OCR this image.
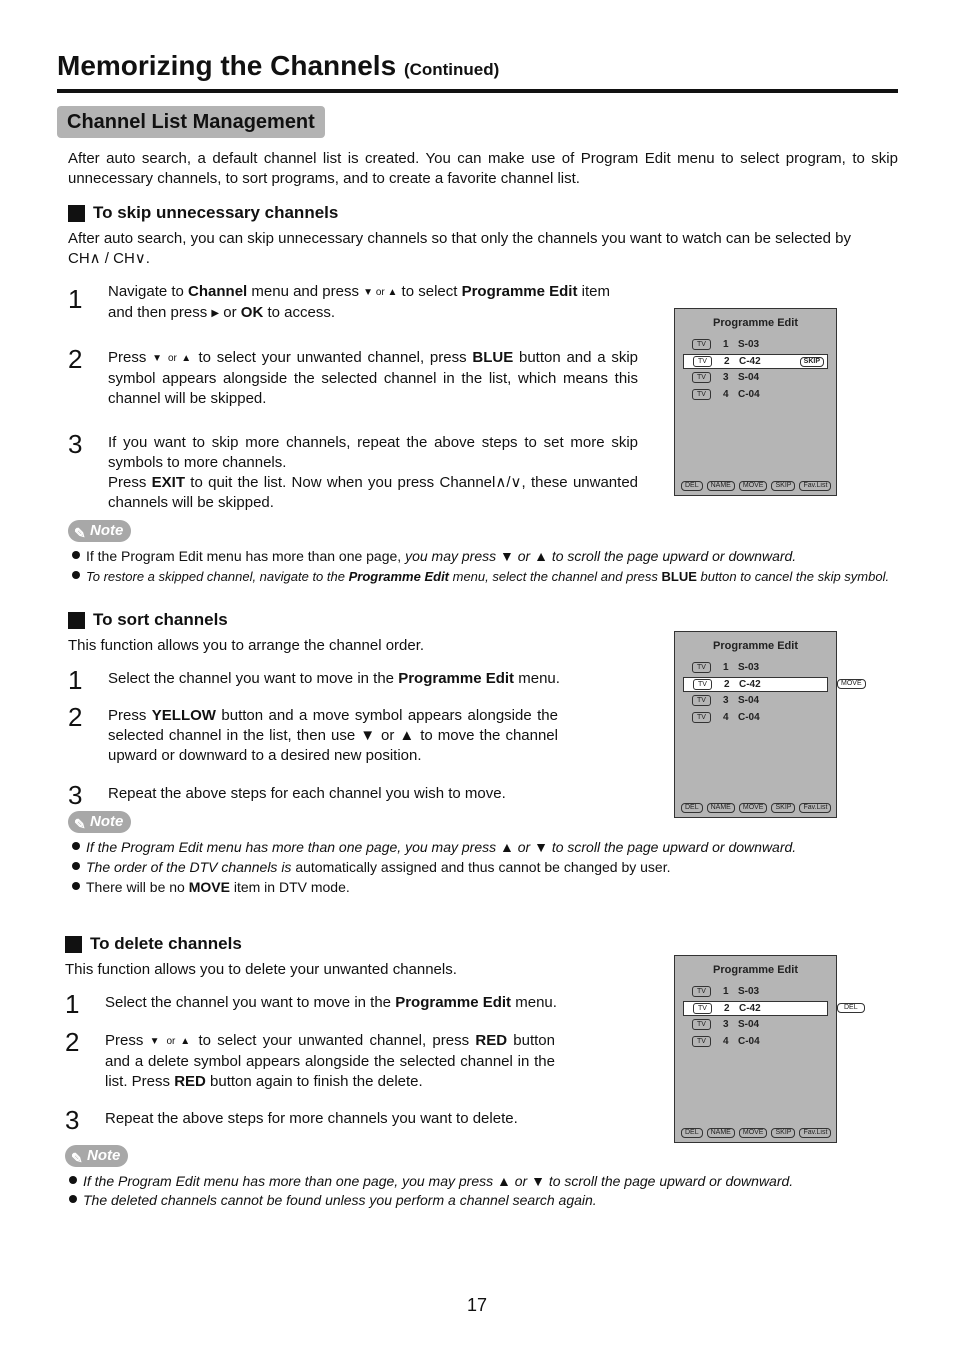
Memorizing the Channels (Continued)
Channel List Management
After auto search, a default channel list is created. You can make use of Program Edit menu to select program, to skip unnecessary channels, to sort programs, and to create a favorite channel list.
To skip unnecessary channels
After auto search, you can skip unnecessary channels so that only the channels you want to watch can be selected by
CH∧ / CH∨.
1 Navigate to Channel menu and press ▼ or ▲ to select Programme Edit item
and then press ▶ or OK to access.
2 Press ▼ or ▲ to select your unwanted channel, press BLUE button and a skip symbol appears alongside the selected channel in the list, which means this channel will be skipped.
3 If you want to skip more channels, repeat the above steps to set more skip symbols to more channels.
Press EXIT to quit the list. Now when you press Channel∧/∨, these unwanted channels will be skipped.
Programme Edit
TV	1 S-03
TV	2 C-42	SKIP
TV	3 S-04
TV	4 C-04
DEL	NAME	MOVE	SKIP	Fav.List
✎ Note
If the Program Edit menu has more than one page, you may press ▼ or ▲ to scroll the page upward or downward.
To restore a skipped channel, navigate to the Programme Edit menu, select the channel and press BLUE button to cancel the skip symbol.
To sort channels
This function allows you to arrange the channel order.
1 Select the channel you want to move in the Programme Edit menu.
2 Press YELLOW button and a move symbol appears alongside the selected channel in the list, then use ▼ or ▲ to move the channel upward or downward to a desired new position.
3 Repeat the above steps for each channel you wish to move.
Programme Edit
TV	1 S-03
TV	2 C-42
TV	3 S-04
TV	4 C-04
DEL	NAME	MOVE	SKIP	Fav.List
MOVE
✎ Note
If the Program Edit menu has more than one page, you may press ▲ or ▼ to scroll the page upward or downward.
The order of the DTV channels is automatically assigned and thus cannot be changed by user.
There will be no MOVE item in DTV mode.
To delete channels
This function allows you to delete your unwanted channels.
1 Select the channel you want to move in the Programme Edit menu.
2 Press ▼ or ▲ to select your unwanted channel, press RED button and a delete symbol appears alongside the selected channel in the list. Press RED button again to finish the delete.
3 Repeat the above steps for more channels you want to delete.
Programme Edit
TV	1 S-03
TV	2 C-42
TV	3 S-04
TV	4 C-04
DEL	NAME	MOVE	SKIP	Fav.List
DEL
✎ Note
If the Program Edit menu has more than one page, you may press ▲ or ▼ to scroll the page upward or downward.
The deleted channels cannot be found unless you perform a channel search again.
17
